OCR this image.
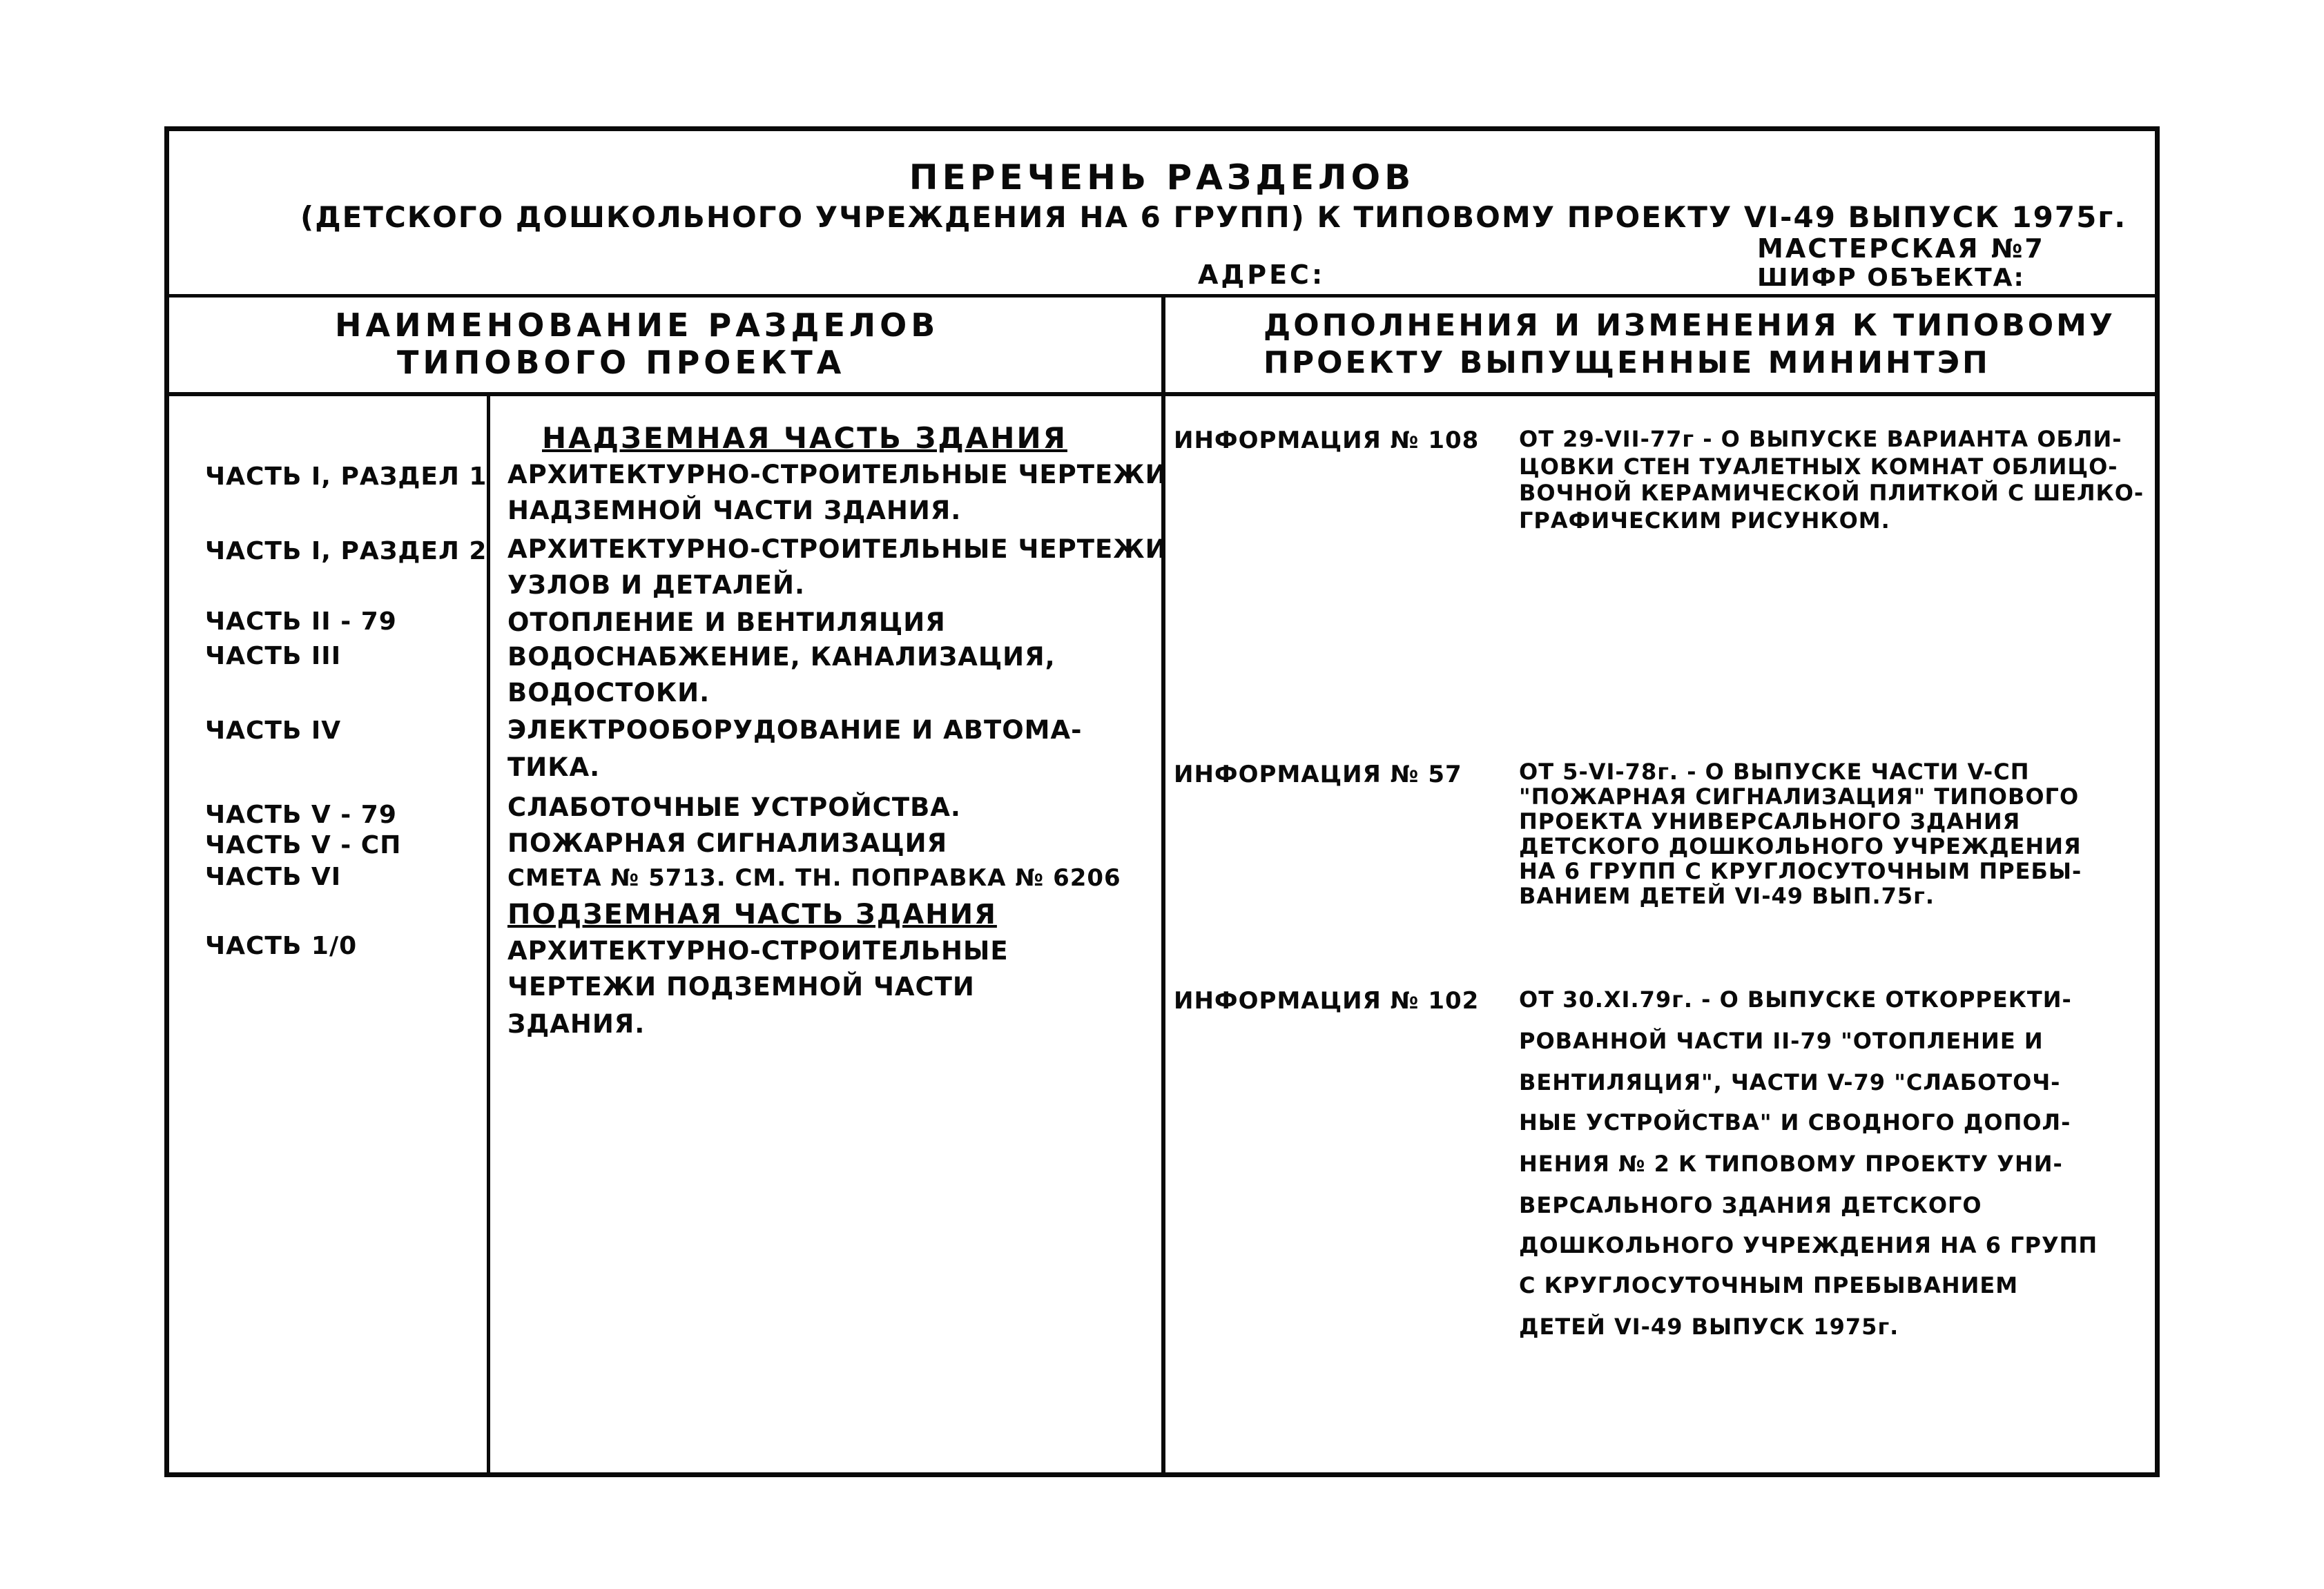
ПЕРЕЧЕНЬ РАЗДЕЛОВ
(ДЕТСКОГО ДОШКОЛЬНОГО УЧРЕЖДЕНИЯ НА 6 ГРУПП) К ТИПОВОМУ ПРОЕКТУ VI-49 ВЫПУСК 1975г.
АДРЕС:
МАСТЕРСКАЯ №7
ШИФР ОБЪЕКТА:
НАИМЕНОВАНИЕ РАЗДЕЛОВ
ТИПОВОГО ПРОЕКТА
ДОПОЛНЕНИЯ И ИЗМЕНЕНИЯ К ТИПОВОМУ
ПРОЕКТУ ВЫПУЩЕННЫЕ МИНИНТЭП
ЧАСТЬ I, РАЗДЕЛ 1
ЧАСТЬ I, РАЗДЕЛ 2
ЧАСТЬ II - 79
ЧАСТЬ III
ЧАСТЬ IV
ЧАСТЬ V - 79
ЧАСТЬ V - СП
ЧАСТЬ VI
ЧАСТЬ 1/0
НАДЗЕМНАЯ ЧАСТЬ ЗДАНИЯ
АРХИТЕКТУРНО-СТРОИТЕЛЬНЫЕ ЧЕРТЕЖИ
НАДЗЕМНОЙ ЧАСТИ ЗДАНИЯ.
АРХИТЕКТУРНО-СТРОИТЕЛЬНЫЕ ЧЕРТЕЖИ
УЗЛОВ И ДЕТАЛЕЙ.
ОТОПЛЕНИЕ И ВЕНТИЛЯЦИЯ
ВОДОСНАБЖЕНИЕ, КАНАЛИЗАЦИЯ,
ВОДОСТОКИ.
ЭЛЕКТРООБОРУДОВАНИЕ И АВТОМА-
ТИКА.
СЛАБОТОЧНЫЕ УСТРОЙСТВА.
ПОЖАРНАЯ СИГНАЛИЗАЦИЯ
СМЕТА № 5713. СМ. ТН. ПОПРАВКА № 6206
ПОДЗЕМНАЯ ЧАСТЬ ЗДАНИЯ
АРХИТЕКТУРНО-СТРОИТЕЛЬНЫЕ
ЧЕРТЕЖИ ПОДЗЕМНОЙ ЧАСТИ
ЗДАНИЯ.
ИНФОРМАЦИЯ № 108 ОТ 29-VII-77г - О ВЫПУСКЕ ВАРИАНТА ОБЛИ-
ЦОВКИ СТЕН ТУАЛЕТНЫХ КОМНАТ ОБЛИЦО-
ВОЧНОЙ КЕРАМИЧЕСКОЙ ПЛИТКОЙ С ШЕЛКО-
ГРАФИЧЕСКИМ РИСУНКОМ.
ИНФОРМАЦИЯ № 57	ОТ 5-VI-78г. - О ВЫПУСКЕ ЧАСТИ V-СП
"ПОЖАРНАЯ СИГНАЛИЗАЦИЯ" ТИПОВОГО
ПРОЕКТА УНИВЕРСАЛЬНОГО ЗДАНИЯ
ДЕТСКОГО ДОШКОЛЬНОГО УЧРЕЖДЕНИЯ
НА 6 ГРУПП С КРУГЛОСУТОЧНЫМ ПРЕБЫ-
ВАНИЕМ ДЕТЕЙ VI-49 ВЫП.75г.
ИНФОРМАЦИЯ № 102 ОТ 30.XI.79г. - О ВЫПУСКЕ ОТКОРРЕКТИ-
РОВАННОЙ ЧАСТИ II-79 "ОТОПЛЕНИЕ И
ВЕНТИЛЯЦИЯ", ЧАСТИ V-79 "СЛАБОТОЧ-
НЫЕ УСТРОЙСТВА" И СВОДНОГО ДОПОЛ-
НЕНИЯ № 2 К ТИПОВОМУ ПРОЕКТУ УНИ-
ВЕРСАЛЬНОГО ЗДАНИЯ ДЕТСКОГО
ДОШКОЛЬНОГО УЧРЕЖДЕНИЯ НА 6 ГРУПП
С КРУГЛОСУТОЧНЫМ ПРЕБЫВАНИЕМ
ДЕТЕЙ VI-49 ВЫПУСК 1975г.
